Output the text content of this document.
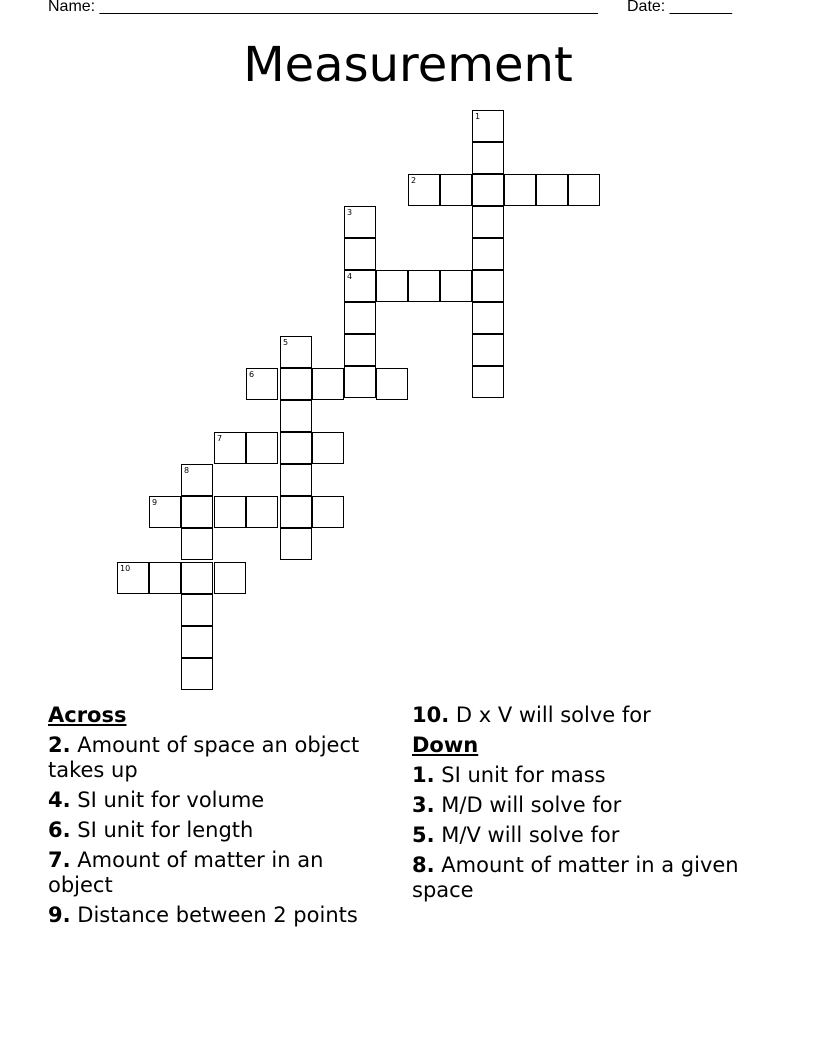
Name: ________________________________________________________ Date: _______
Measurement
1
2
3
4
5
6
7
8
9
10
Across
2. Amount of space an object takes up
4. SI unit for volume
6. SI unit for length
7. Amount of matter in an object
9. Distance between 2 points
10. D x V will solve for
Down
1. SI unit for mass
3. M/D will solve for
5. M/V will solve for
8. Amount of matter in a given space
